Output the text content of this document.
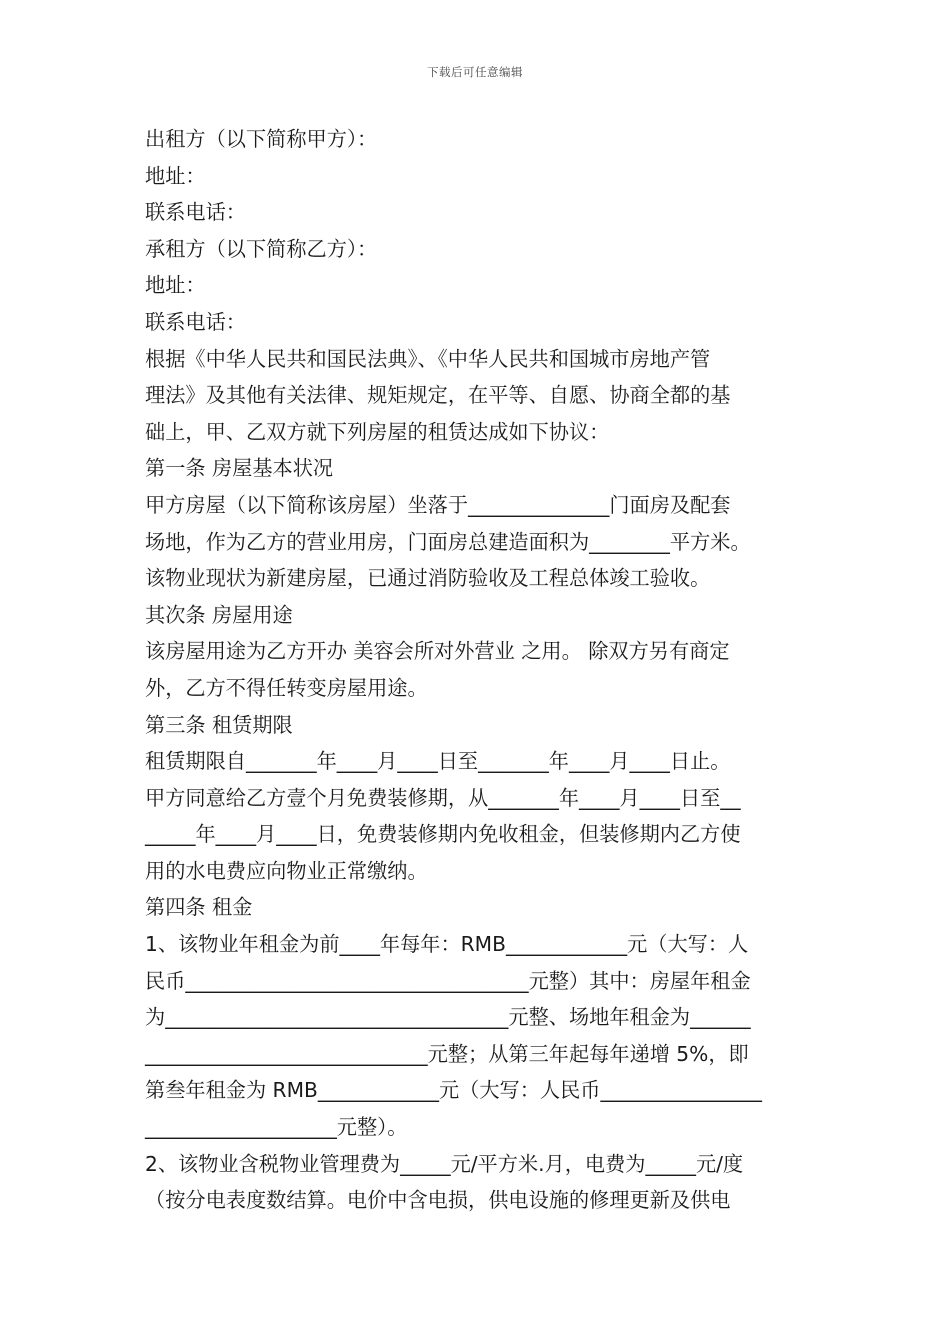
下载后可任意编辑
出租方（以下简称甲方）：
地址：
联系电话：
承租方（以下简称乙方）：
地址：
联系电话：
根据《中华人民共和国民法典》、《中华人民共和国城市房地产管
理法》及其他有关法律、规矩规定，在平等、自愿、协商全都的基
础上，甲、乙双方就下列房屋的租赁达成如下协议：
第一条 房屋基本状况
甲方房屋（以下简称该房屋）坐落于______________门面房及配套
场地，作为乙方的营业用房，门面房总建造面积为________平方米。
该物业现状为新建房屋，已通过消防验收及工程总体竣工验收。
其次条 房屋用途
该房屋用途为乙方开办 美容会所对外营业 之用。 除双方另有商定
外，乙方不得任转变房屋用途。
第三条 租赁期限
租赁期限自_______年____月____日至_______年____月____日止。
甲方同意给乙方壹个月免费装修期，从_______年____月____日至__
_____年____月____日，免费装修期内免收租金，但装修期内乙方使
用的水电费应向物业正常缴纳。
第四条 租金
1、该物业年租金为前____年每年：RMB____________元（大写：人
民币__________________________________元整）其中：房屋年租金
为__________________________________元整、场地年租金为______
____________________________元整；从第三年起每年递增 5%，即
第叁年租金为 RMB____________元（大写：人民币________________
___________________元整）。
2、该物业含税物业管理费为_____元/平方米.月，电费为_____元/度
（按分电表度数结算。电价中含电损，供电设施的修理更新及供电
